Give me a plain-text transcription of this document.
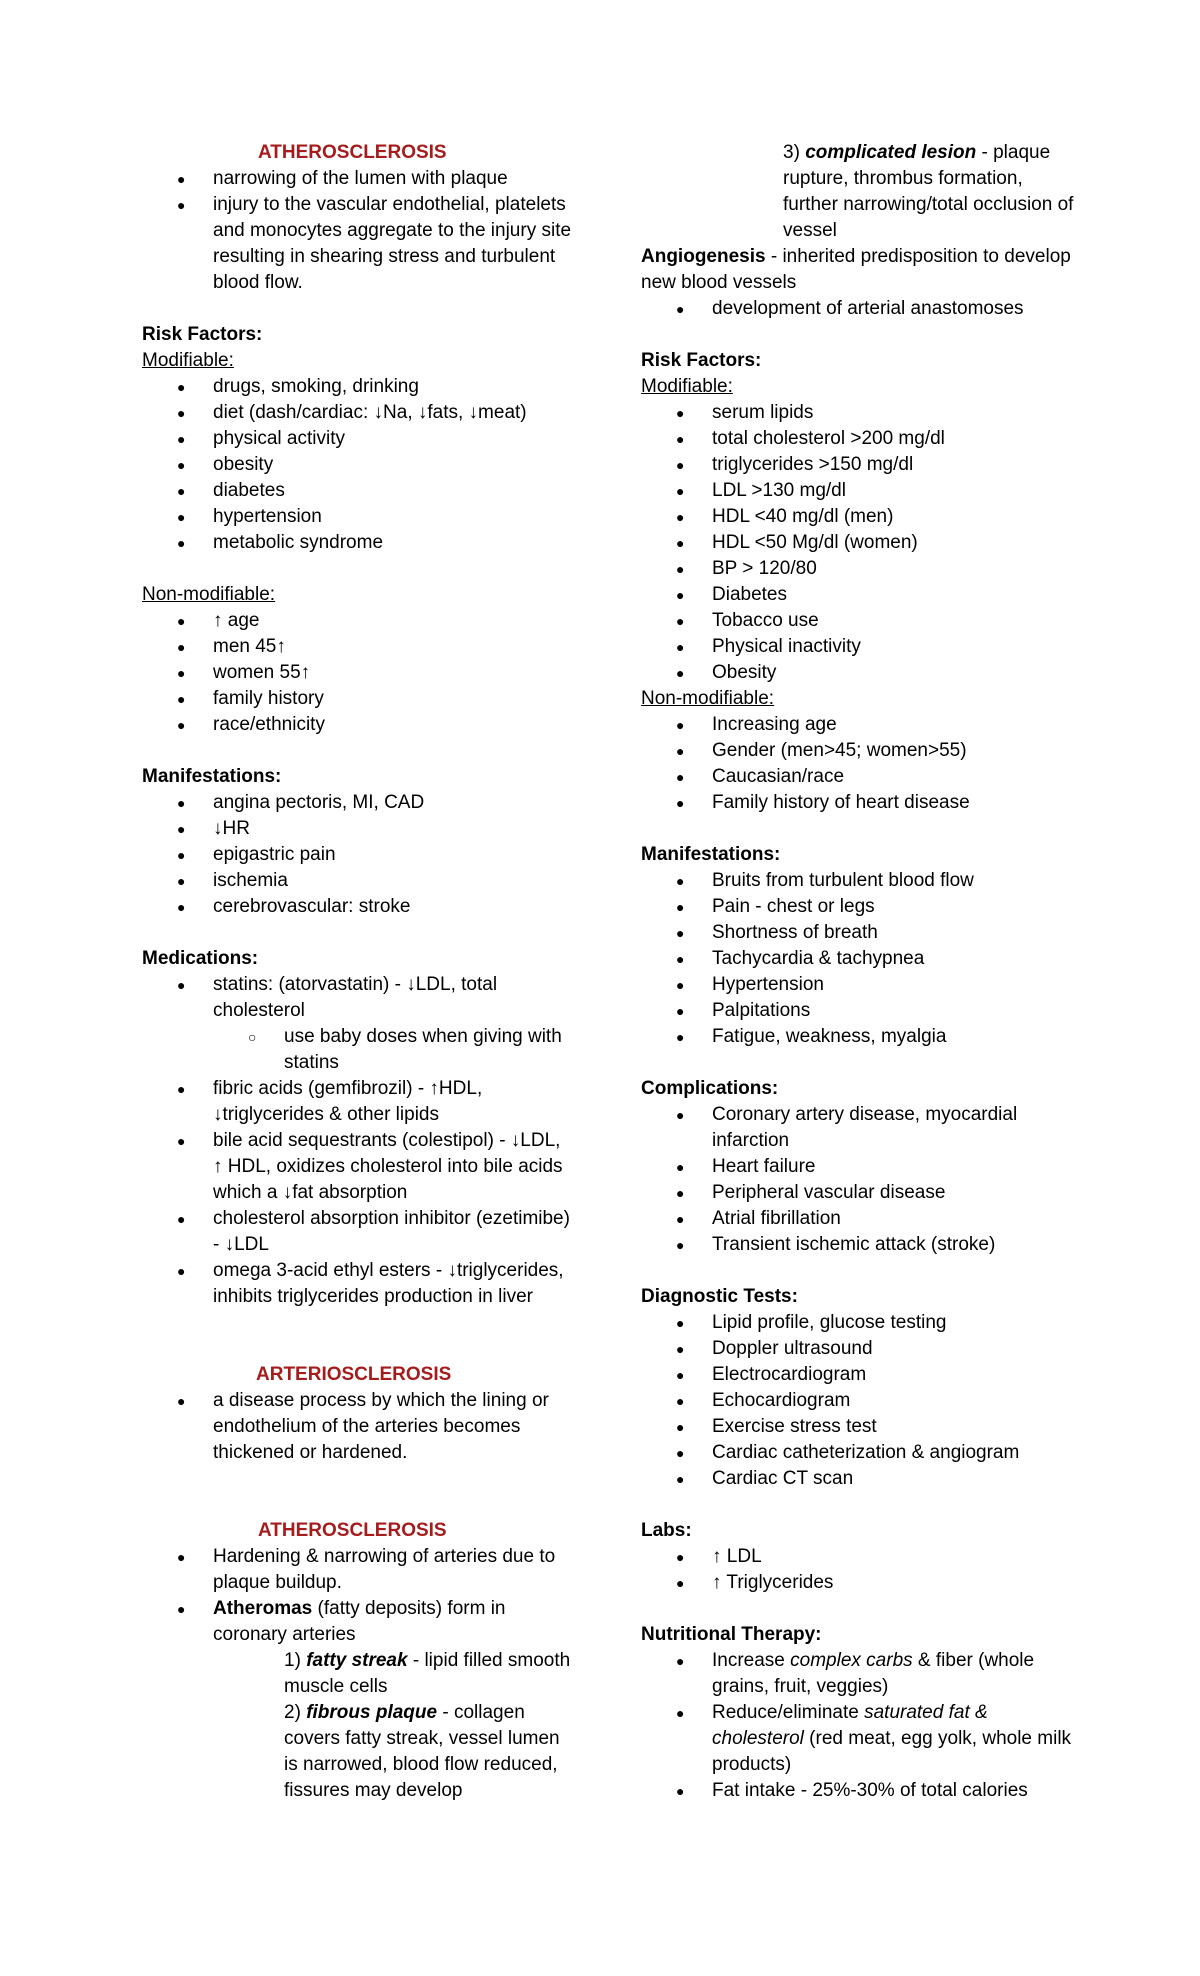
ATHEROSCLEROSIS

● narrowing of the lumen with plaque
● injury to the vascular endothelial, platelets and monocytes aggregate to the injury site resulting in shearing stress and turbulent blood flow.

Risk Factors:

Modifiable:

● drugs, smoking, drinking
● diet (dash/cardiac: ↓Na, ↓fats, ↓meat)
● physical activity
● obesity
● diabetes
● hypertension
● metabolic syndrome

Non-modifiable:

● ↑ age
● men 45↑
● women 55↑
● family history
● race/ethnicity

Manifestations:

● angina pectoris, MI, CAD
● ↓HR
● epigastric pain
● ischemia
● cerebrovascular: stroke

Medications:

● statins: (atorvastatin) - ↓LDL, total cholesterol
○ use baby doses when giving with statins
● fibric acids (gemfibrozil) - ↑HDL, ↓triglycerides & other lipids
● bile acid sequestrants (colestipol) - ↓LDL, ↑ HDL, oxidizes cholesterol into bile acids which a ↓fat absorption
● cholesterol absorption inhibitor (ezetimibe) - ↓LDL
● omega 3-acid ethyl esters - ↓triglycerides, inhibits triglycerides production in liver

ARTERIOSCLEROSIS

● a disease process by which the lining or endothelium of the arteries becomes thickened or hardened.

ATHEROSCLEROSIS

● Hardening & narrowing of arteries due to plaque buildup.
● Atheromas (fatty deposits) form in coronary arteries

1) fatty streak - lipid filled smooth muscle cells

2) fibrous plaque - collagen covers fatty streak, vessel lumen is narrowed, blood flow reduced, fissures may develop

3) complicated lesion - plaque rupture, thrombus formation, further narrowing/total occlusion of vessel

Angiogenesis - inherited predisposition to develop new blood vessels

● development of arterial anastomoses

Risk Factors:

Modifiable:

● serum lipids
● total cholesterol >200 mg/dl
● triglycerides >150 mg/dl
● LDL >130 mg/dl
● HDL <40 mg/dl (men)
● HDL <50 Mg/dl (women)
● BP > 120/80
● Diabetes
● Tobacco use
● Physical inactivity
● Obesity

Non-modifiable:

● Increasing age
● Gender (men>45; women>55)
● Caucasian/race
● Family history of heart disease

Manifestations:

● Bruits from turbulent blood flow
● Pain - chest or legs
● Shortness of breath
● Tachycardia & tachypnea
● Hypertension
● Palpitations
● Fatigue, weakness, myalgia

Complications:

● Coronary artery disease, myocardial infarction
● Heart failure
● Peripheral vascular disease
● Atrial fibrillation
● Transient ischemic attack (stroke)

Diagnostic Tests:

● Lipid profile, glucose testing
● Doppler ultrasound
● Electrocardiogram
● Echocardiogram
● Exercise stress test
● Cardiac catheterization & angiogram
● Cardiac CT scan

Labs:

● ↑ LDL
● ↑ Triglycerides

Nutritional Therapy:

● Increase complex carbs & fiber (whole grains, fruit, veggies)
● Reduce/eliminate saturated fat & cholesterol (red meat, egg yolk, whole milk products)
● Fat intake - 25%-30% of total calories
